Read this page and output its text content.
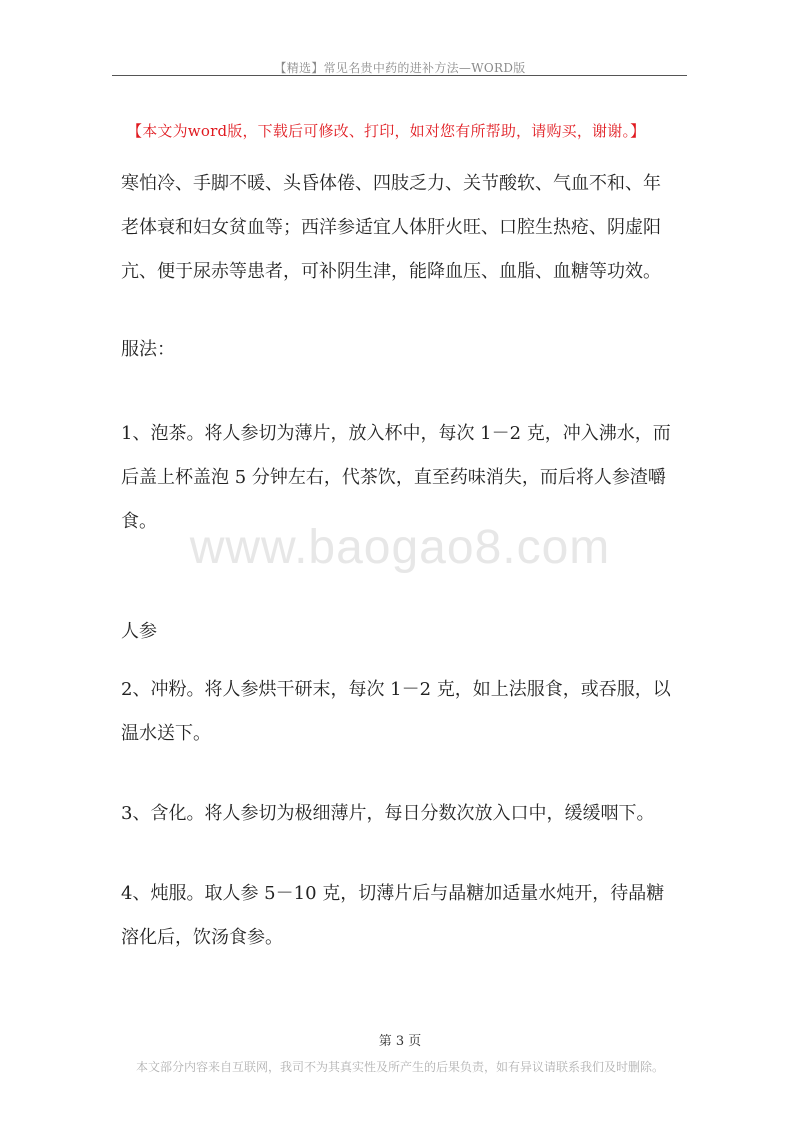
【精选】常见名贵中药的进补方法—WORD版
【本文为word版，下载后可修改、打印，如对您有所帮助，请购买，谢谢。】
www.baogao8.com
寒怕冷、手脚不暖、头昏体倦、四肢乏力、关节酸软、气血不和、年
老体衰和妇女贫血等；西洋参适宜人体肝火旺、口腔生热疮、阴虚阳
亢、便于尿赤等患者，可补阴生津，能降血压、血脂、血糖等功效。
服法：
1、泡茶。将人参切为薄片，放入杯中，每次 1－2 克，冲入沸水，而
后盖上杯盖泡 5 分钟左右，代茶饮，直至药味消失，而后将人参渣嚼
食。
人参
2、冲粉。将人参烘干研末，每次 1－2 克，如上法服食，或吞服，以
温水送下。
3、含化。将人参切为极细薄片，每日分数次放入口中，缓缓咽下。
4、炖服。取人参 5－10 克，切薄片后与晶糖加适量水炖开，待晶糖
溶化后，饮汤食参。
第 3 页
本文部分内容来自互联网，我司不为其真实性及所产生的后果负责，如有异议请联系我们及时删除。
